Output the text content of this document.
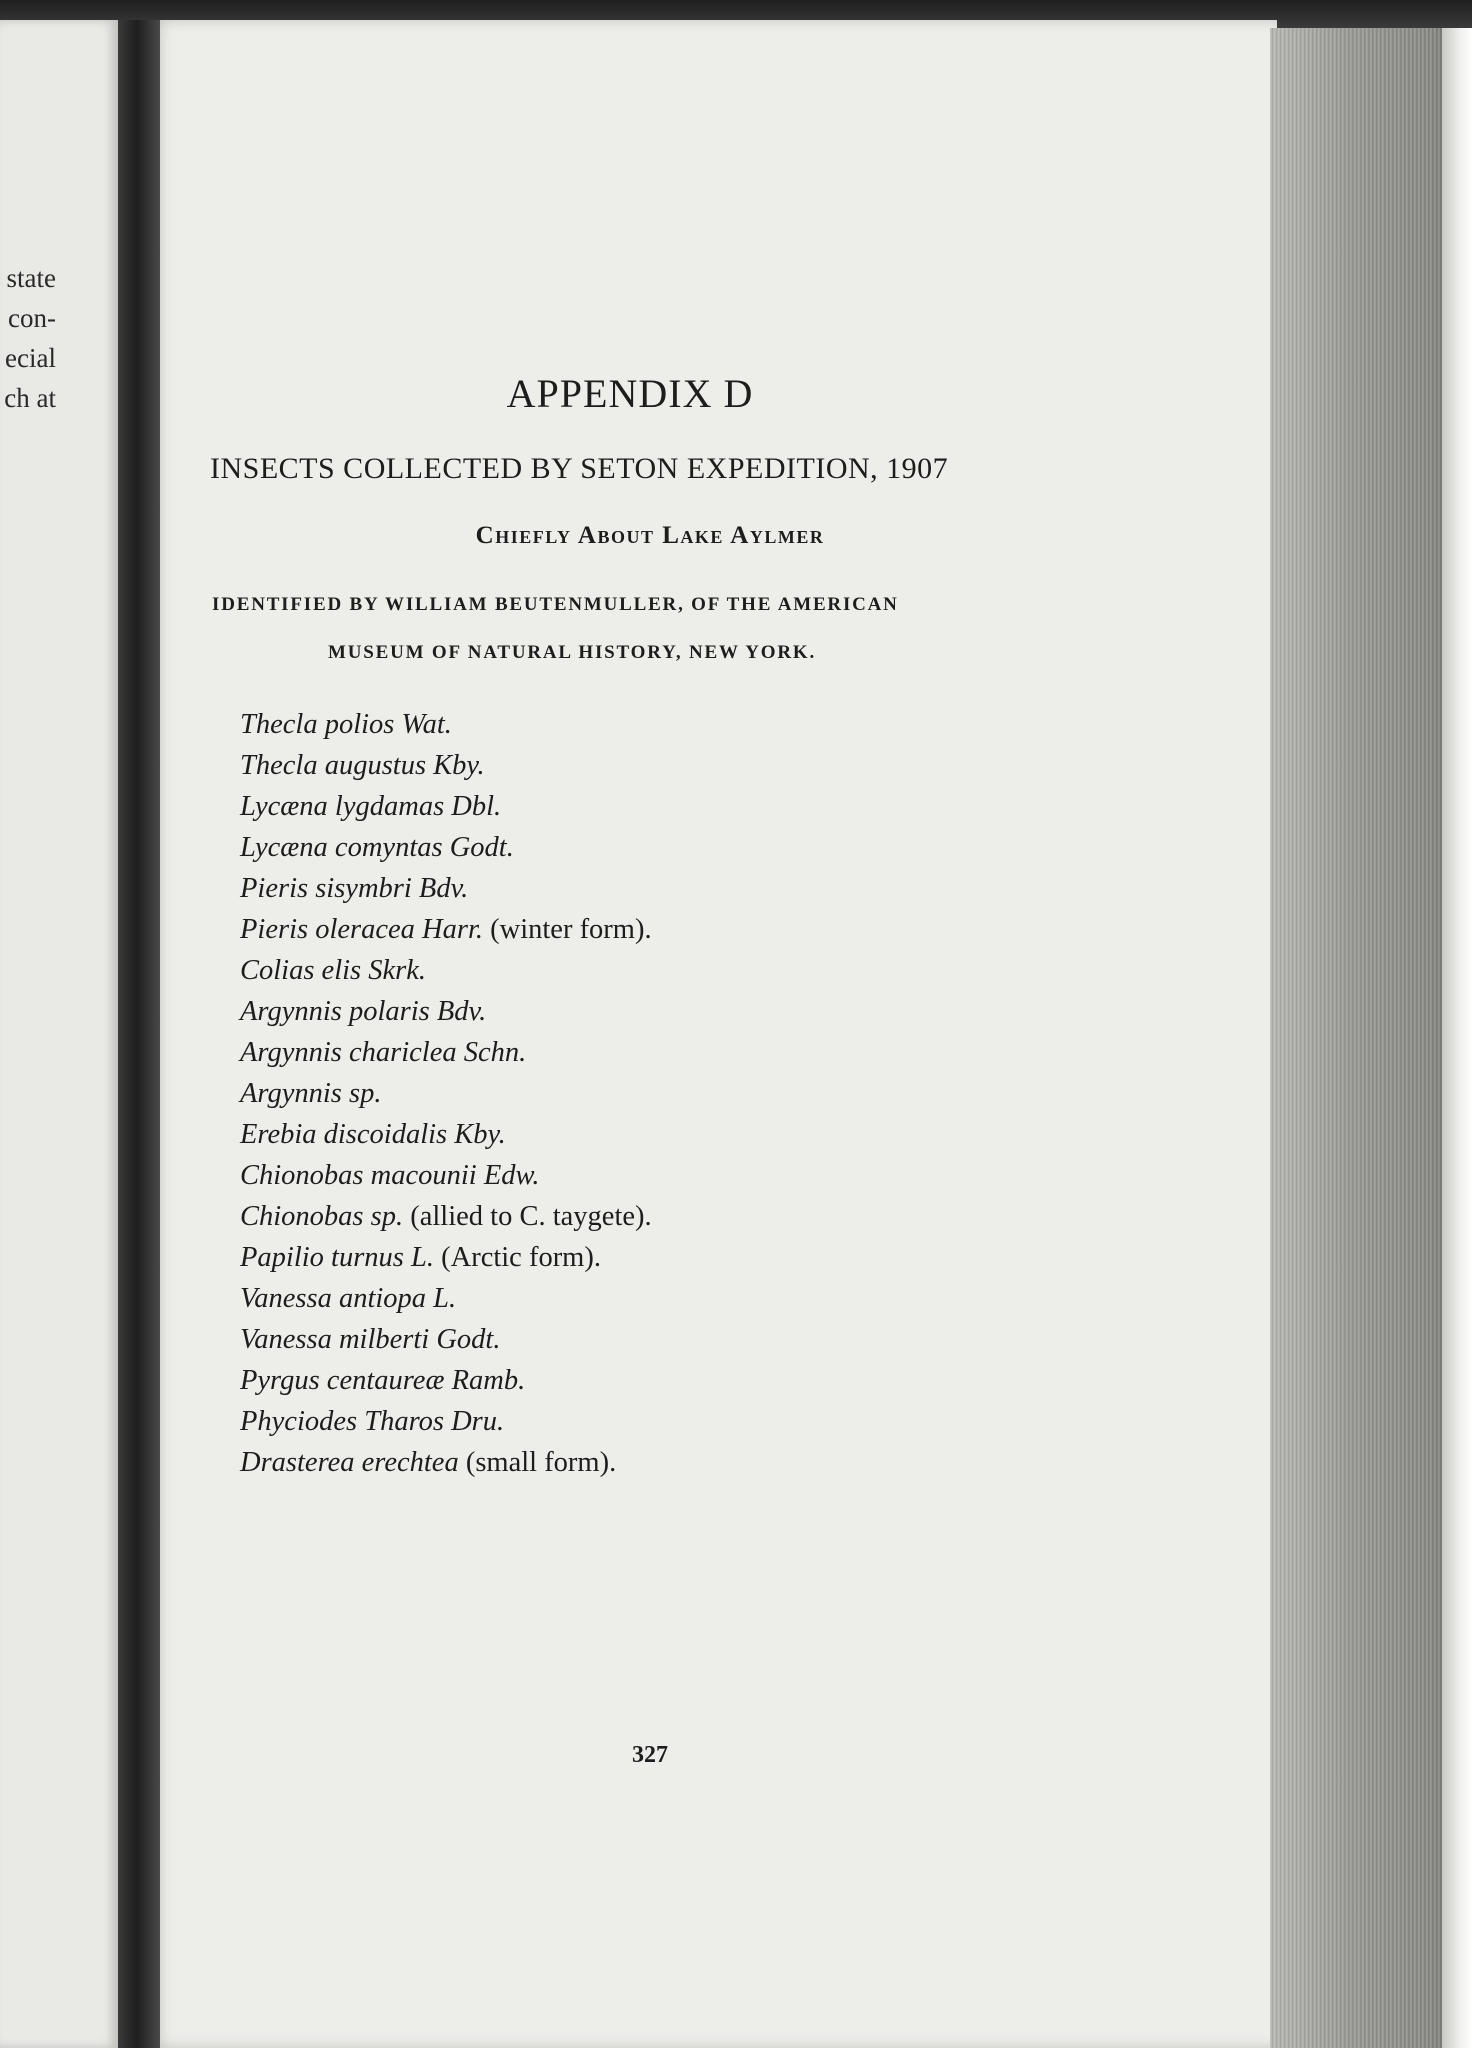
state
con-
ecial
ch at	APPENDIX D
INSECTS COLLECTED BY SETON EXPEDITION, 1907
Chiefly About Lake Aylmer

IDENTIFIED BY WILLIAM BEUTENMULLER, OF THE AMERICAN

MUSEUM OF NATURAL HISTORY, NEW YORK.

Thecla polios Wat.
Thecla augustus Kby.
Lycæna lygdamas Dbl.
Lycæna comyntas Godt.
Pieris sisymbri Bdv.
Pieris oleracea Harr. (winter form).
Colias elis Skrk.
Argynnis polaris Bdv.
Argynnis chariclea Schn.
Argynnis sp.
Erebia discoidalis Kby.
Chionobas macounii Edw.
Chionobas sp. (allied to C. taygete).
Papilio turnus L. (Arctic form).
Vanessa antiopa L.
Vanessa milberti Godt.
Pyrgus centaureæ Ramb.
Phyciodes Tharos Dru.
Drasterea erechtea (small form).

327
